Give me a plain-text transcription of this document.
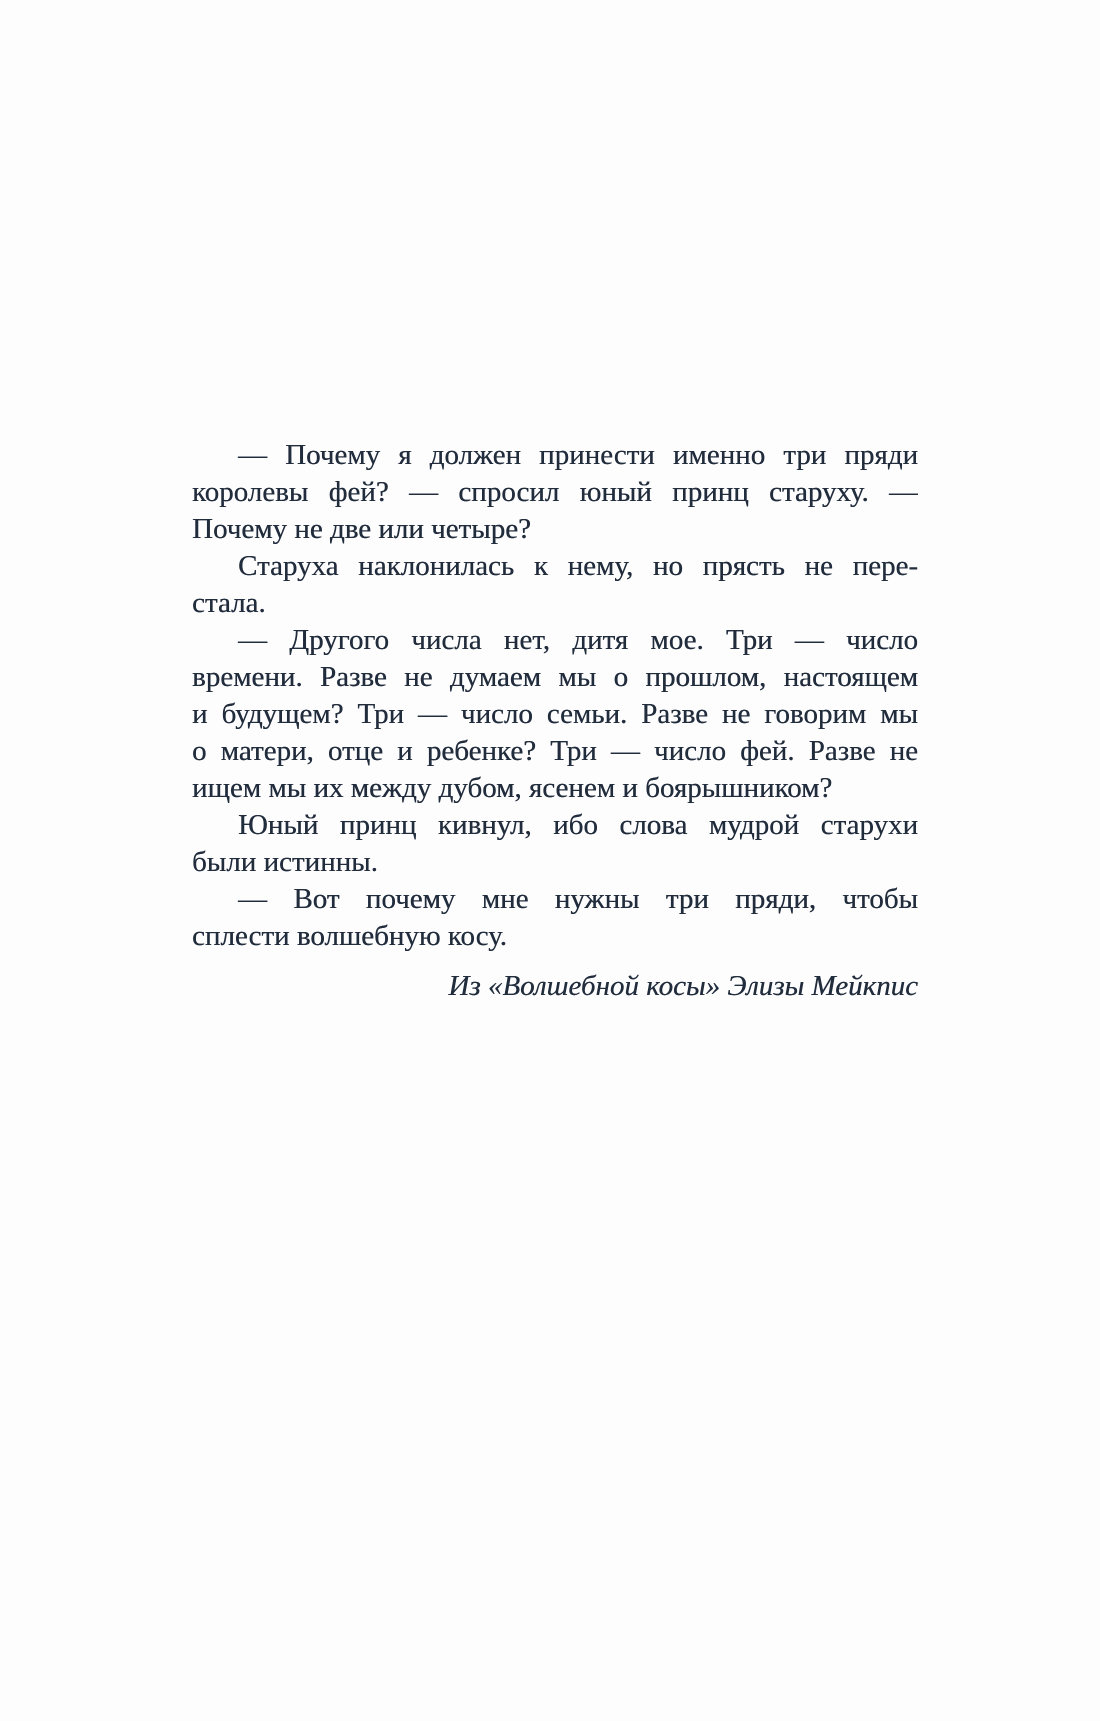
— Почему я должен принести именно три пряди
королевы фей? — спросил юный принц старуху. —
Почему не две или четыре?
Старуха наклонилась к нему, но прясть не пере-
стала.
— Другого числа нет, дитя мое. Три — число
времени. Разве не думаем мы о прошлом, настоящем
и будущем? Три — число семьи. Разве не говорим мы
о матери, отце и ребенке? Три — число фей. Разве не
ищем мы их между дубом, ясенем и боярышником?
Юный принц кивнул, ибо слова мудрой старухи
были истинны.
— Вот почему мне нужны три пряди, чтобы
сплести волшебную косу.
Из «Волшебной косы» Элизы Мейкпис
